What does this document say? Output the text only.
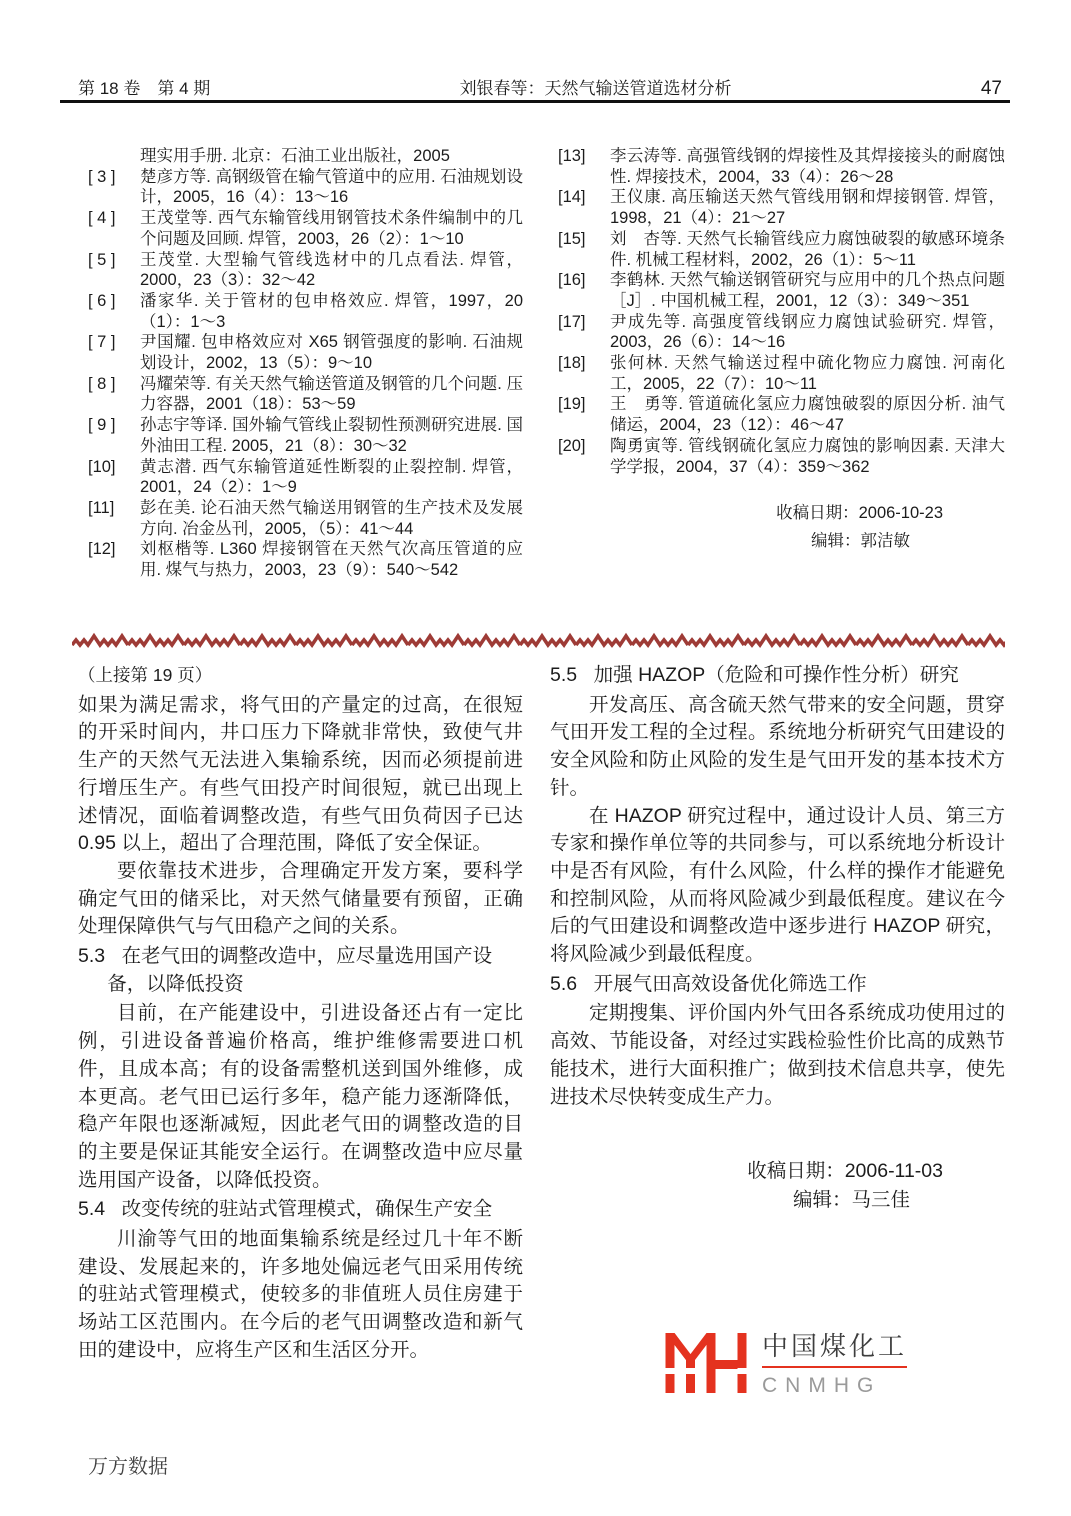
第 18 卷　第 4 期	刘银春等：天然气输送管道选材分析	47
理实用手册. 北京：石油工业出版社，2005
[ 3 ]	楚彦方等. 高钢级管在输气管道中的应用. 石油规划设计，2005，16（4）：13～16
[ 4 ]	王茂堂等. 西气东输管线用钢管技术条件编制中的几个问题及回顾. 焊管，2003，26（2）：1～10
[ 5 ]	王茂堂. 大型输气管线选材中的几点看法. 焊管，2000，23（3）：32～42
[ 6 ]	潘家华. 关于管材的包申格效应. 焊管，1997，20（1）：1～3
[ 7 ]	尹国耀. 包申格效应对 X65 钢管强度的影响. 石油规划设计，2002，13（5）：9～10
[ 8 ]	冯耀荣等. 有关天然气输送管道及钢管的几个问题. 压力容器，2001（18）：53～59
[ 9 ]	孙志宇等译. 国外输气管线止裂韧性预测研究进展. 国外油田工程. 2005，21（8）：30～32
[10]	黄志潜. 西气东输管道延性断裂的止裂控制. 焊管，2001，24（2）：1～9
[11]	彭在美. 论石油天然气输送用钢管的生产技术及发展方向. 冶金丛刊，2005，（5）：41～44
[12]	刘枢楷等. L360 焊接钢管在天然气次高压管道的应用. 煤气与热力，2003，23（9）：540～542
[13]	李云涛等. 高强管线钢的焊接性及其焊接接头的耐腐蚀性. 焊接技术，2004，33（4）：26～28
[14]	王仪康. 高压输送天然气管线用钢和焊接钢管. 焊管，1998，21（4）：21～27
[15]	刘　杏等. 天然气长输管线应力腐蚀破裂的敏感环境条件. 机械工程材料，2002，26（1）：5～11
[16]	李鹤林. 天然气输送钢管研究与应用中的几个热点问题［J］. 中国机械工程，2001，12（3）：349～351
[17]	尹成先等. 高强度管线钢应力腐蚀试验研究. 焊管，2003，26（6）：14～16
[18]	张何林. 天然气输送过程中硫化物应力腐蚀. 河南化工，2005，22（7）：10～11
[19]	王　勇等. 管道硫化氢应力腐蚀破裂的原因分析. 油气储运，2004，23（12）：46～47
[20]	陶勇寅等. 管线钢硫化氢应力腐蚀的影响因素. 天津大学学报，2004，37（4）：359～362
收稿日期：2006-10-23
编辑：郭洁敏

（上接第 19 页）

如果为满足需求，将气田的产量定的过高，在很短的开采时间内，井口压力下降就非常快，致使气井生产的天然气无法进入集输系统，因而必须提前进行增压生产。有些气田投产时间很短，就已出现上述情况，面临着调整改造，有些气田负荷因子已达 0.95 以上，超出了合理范围，降低了安全保证。

要依靠技术进步，合理确定开发方案，要科学确定气田的储采比，对天然气储量要有预留，正确处理保障供气与气田稳产之间的关系。

5.3 在老气田的调整改造中，应尽量选用国产设备，以降低投资

目前，在产能建设中，引进设备还占有一定比例，引进设备普遍价格高，维护维修需要进口机件，且成本高；有的设备需整机送到国外维修，成本更高。老气田已运行多年，稳产能力逐渐降低，稳产年限也逐渐减短，因此老气田的调整改造的目的主要是保证其能安全运行。在调整改造中应尽量选用国产设备，以降低投资。

5.4 改变传统的驻站式管理模式，确保生产安全

川渝等气田的地面集输系统是经过几十年不断建设、发展起来的，许多地处偏远老气田采用传统的驻站式管理模式，使较多的非值班人员住房建于场站工区范围内。在今后的老气田调整改造和新气田的建设中，应将生产区和生活区分开。

5.5 加强 HAZOP（危险和可操作性分析）研究

开发高压、高含硫天然气带来的安全问题，贯穿气田开发工程的全过程。系统地分析研究气田建设的安全风险和防止风险的发生是气田开发的基本技术方针。

在 HAZOP 研究过程中，通过设计人员、第三方专家和操作单位等的共同参与，可以系统地分析设计中是否有风险，有什么风险，什么样的操作才能避免和控制风险，从而将风险减少到最低程度。建议在今后的气田建设和调整改造中逐步进行 HAZOP 研究，将风险减少到最低程度。

5.6 开展气田高效设备优化筛选工作

定期搜集、评价国内外气田各系统成功使用过的高效、节能设备，对经过实践检验性价比高的成熟节能技术，进行大面积推广；做到技术信息共享，使先进技术尽快转变成生产力。

收稿日期：2006-11-03
编辑：马三佳
中国煤化工
CNMHG
万方数据
